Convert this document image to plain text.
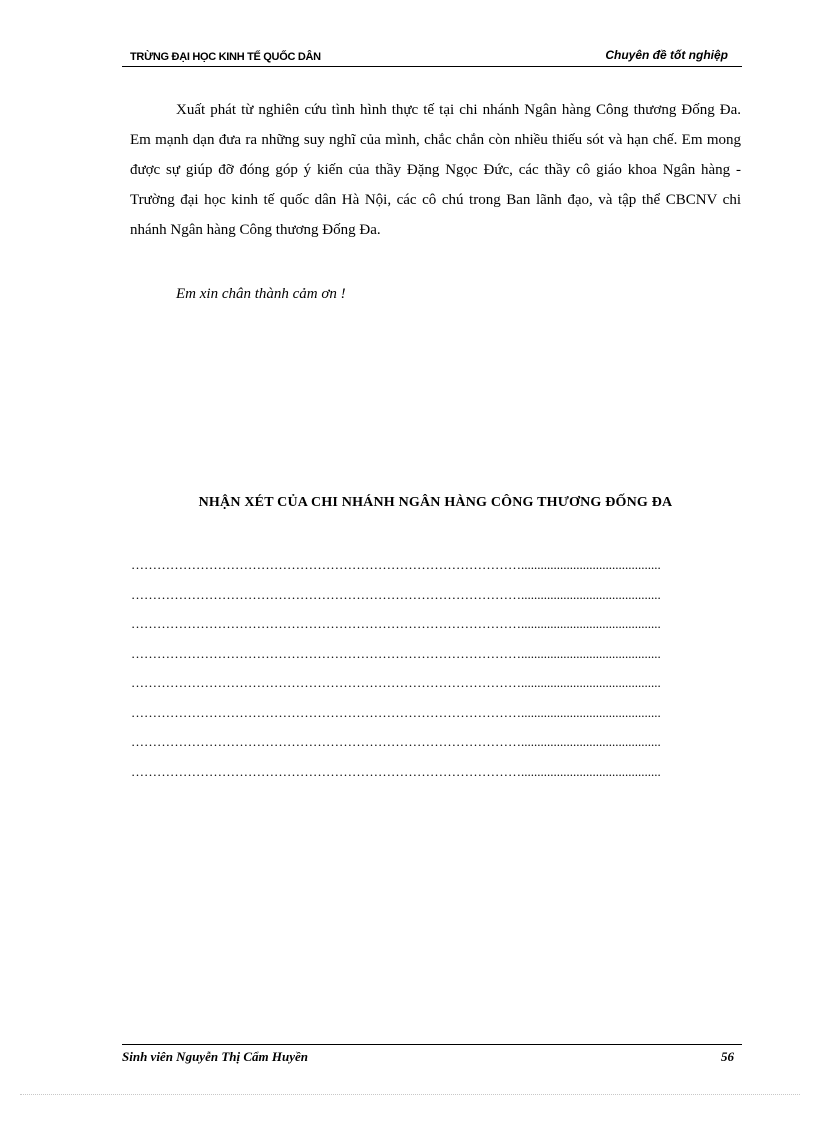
TRỪNG ĐẠI HỌC KINH TẾ QUỐC DÂN	Chuyên đề tốt nghiệp

Xuất phát từ nghiên cứu tình hình thực tế tại chi nhánh Ngân hàng Công thương Đống Đa. Em mạnh dạn đưa ra những suy nghĩ của mình, chắc chắn còn nhiều thiếu sót và hạn chế. Em mong được sự giúp đỡ đóng góp ý kiến của thầy Đặng Ngọc Đức, các thầy cô giáo khoa Ngân hàng - Trường đại học kinh tế quốc dân Hà Nội, các cô chú trong Ban lãnh đạo, và tập thể CBCNV chi nhánh Ngân hàng Công thương Đống Đa.

Em xin chân thành cảm ơn !
NHẬN XÉT CỦA CHI NHÁNH NGÂN HÀNG CÔNG THƯƠNG ĐỐNG ĐA
………………………………………………………………………………...........................................
………………………………………………………………………………...........................................
………………………………………………………………………………...........................................
………………………………………………………………………………...........................................
………………………………………………………………………………...........................................
………………………………………………………………………………...........................................
………………………………………………………………………………...........................................
………………………………………………………………………………...........................................
Sinh viên Nguyễn Thị Cẩm Huyền	56
